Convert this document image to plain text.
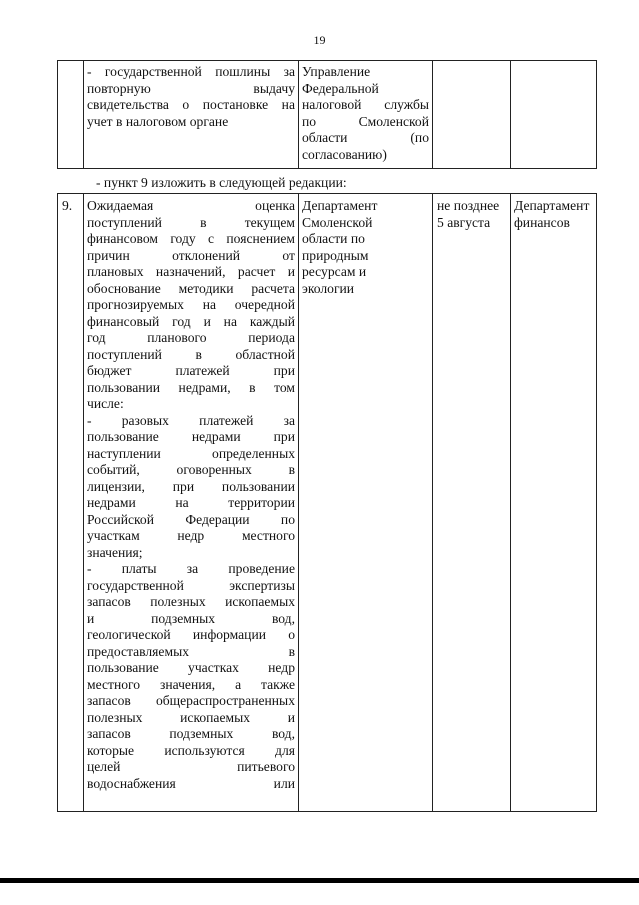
19
- государственной пошлины за
повторную выдачу
свидетельства о постановке на
учет в налоговом органе
Управление
Федеральной
налоговой службы
по Смоленской
области (по
согласованию)
- пункт 9 изложить в следующей редакции:
9. Ожидаемая оценка
поступлений в текущем
финансовом году с пояснением
причин отклонений от
плановых назначений, расчет и
обоснование методики расчета
прогнозируемых на очередной
финансовый год и на каждый
год планового периода
поступлений в областной
бюджет платежей при
пользовании недрами, в том
числе:
- разовых платежей за
пользование недрами при
наступлении определенных
событий, оговоренных в
лицензии, при пользовании
недрами на территории
Российской Федерации по
участкам недр местного
значения;
- платы за проведение
государственной экспертизы
запасов полезных ископаемых
и подземных вод,
геологической информации о
предоставляемых в
пользование участках недр
местного значения, а также
запасов общераспространенных
полезных ископаемых и
запасов подземных вод,
которые используются для
целей питьевого
водоснабжения или
Департамент
Смоленской
области по
природным
ресурсам и
экологии
не позднее
5 августа
Департамент
финансов
